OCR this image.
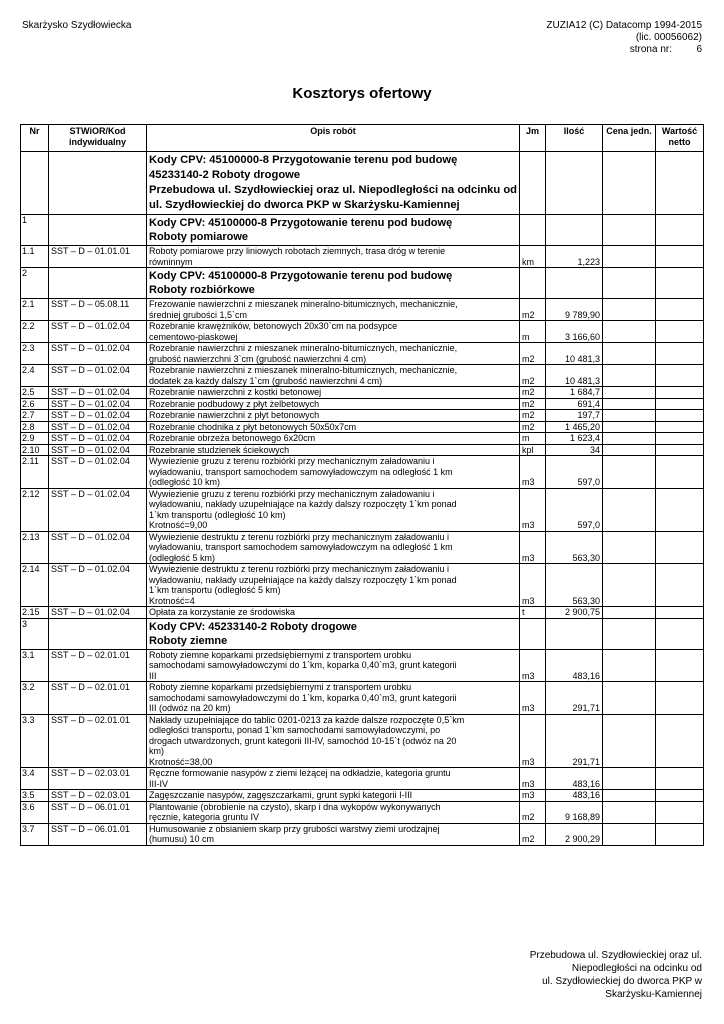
Skarżysko Szydłowiecka	ZUZIA12 (C) Datacomp 1994-2015
(lic. 00056062)
strona nr: 6
Kosztorys ofertowy
Nr	STWiOR/Kod indywidualny	Opis robót	Jm	Ilość	Cena jedn.	Wartość netto

		Kody CPV: 45100000-8 Przygotowanie terenu pod budowę
45233140-2 Roboty drogowe
Przebudowa ul. Szydłowieckiej oraz ul. Niepodległości na odcinku od
ul. Szydłowieckiej do dworca PKP w Skarżysku-Kamiennej				

1		Kody CPV: 45100000-8 Przygotowanie terenu pod budowę
Roboty pomiarowe				

1.1	SST – D – 01.01.01	Roboty pomiarowe przy liniowych robotach ziemnych, trasa dróg w terenie
równinnym	km	1,223		
2		Kody CPV: 45100000-8 Przygotowanie terenu pod budowę
Roboty rozbiórkowe				

2.1	SST – D – 05.08.11	Frezowanie nawierzchni z mieszanek mineralno-bitumicznych, mechanicznie,
średniej grubości 1,5`cm	m2	9 789,90		
2.2	SST – D – 01.02.04	Rozebranie krawężników, betonowych 20x30`cm na podsypce
cementowo-piaskowej	m	3 166,60		
2.3	SST – D – 01.02.04	Rozebranie nawierzchni z mieszanek mineralno-bitumicznych, mechanicznie,
grubość nawierzchni 3`cm (grubość nawierzchni 4 cm)	m2	10 481,3		
2.4	SST – D – 01.02.04	Rozebranie nawierzchni z mieszanek mineralno-bitumicznych, mechanicznie,
dodatek za każdy dalszy 1`cm (grubość nawierzchni 4 cm)	m2	10 481,3		
2.5	SST – D – 01.02.04	Rozebranie nawierzchni z kostki betonowej	m2	1 684,7		
2.6	SST – D – 01.02.04	Rozebranie podbudowy z płyt żelbetowych	m2	691,4		
2.7	SST – D – 01.02.04	Rozebranie nawierzchni z płyt betonowych	m2	197,7		
2.8	SST – D – 01.02.04	Rozebranie chodnika z płyt betonowych 50x50x7cm	m2	1 465,20		
2.9	SST – D – 01.02.04	Rozebranie obrzeża betonowego 6x20cm	m	1 623,4		
2.10	SST – D – 01.02.04	Rozebranie studzienek ściekowych	kpl	34		
2.11	SST – D – 01.02.04	Wywiezienie gruzu z terenu rozbiórki przy mechanicznym załadowaniu i
wyładowaniu, transport samochodem samowyładowczym na odległość 1 km
(odległość 10 km)	m3	597,0		
2.12	SST – D – 01.02.04	Wywiezienie gruzu z terenu rozbiórki przy mechanicznym załadowaniu i
wyładowaniu, nakłady uzupełniające na każdy dalszy rozpoczęty 1`km ponad
1`km transportu (odległość 10 km)
Krotność=9,00	m3	597,0		
2.13	SST – D – 01.02.04	Wywiezienie destruktu z terenu rozbiórki przy mechanicznym załadowaniu i
wyładowaniu, transport samochodem samowyładowczym na odległość 1 km
(odległość 5 km)	m3	563,30		
2.14	SST – D – 01.02.04	Wywiezienie destruktu z terenu rozbiórki przy mechanicznym załadowaniu i
wyładowaniu, nakłady uzupełniające na każdy dalszy rozpoczęty 1`km ponad
1`km transportu (odległość 5 km)
Krotność=4	m3	563,30		
2.15	SST – D – 01.02.04	Opłata za korzystanie ze środowiska	t	2 900,75		
3		Kody CPV: 45233140-2 Roboty drogowe
Roboty ziemne				

3.1	SST – D – 02.01.01	Roboty ziemne koparkami przedsiębiernymi z transportem urobku
samochodami samowyładowczymi do 1`km, koparka 0,40`m3, grunt kategorii
III	m3	483,16		
3.2	SST – D – 02.01.01	Roboty ziemne koparkami przedsiębiernymi z transportem urobku
samochodami samowyładowczymi do 1`km, koparka 0,40`m3, grunt kategorii
III (odwóz na 20 km)	m3	291,71		
3.3	SST – D – 02.01.01	Nakłady uzupełniające do tablic 0201-0213 za każde dalsze rozpoczęte 0,5`km
odległości transportu, ponad 1`km samochodami samowyładowczymi, po
drogach utwardzonych, grunt kategorii III-IV, samochód 10-15`t (odwóz na 20
km)
Krotność=38,00	m3	291,71		
3.4	SST – D – 02.03.01	Ręczne formowanie nasypów z ziemi leżącej na odkładzie, kategoria gruntu
III-IV	m3	483,16		
3.5	SST – D – 02.03.01	Zagęszczanie nasypów, zagęszczarkami, grunt sypki kategorii I-III	m3	483,16		
3.6	SST – D – 06.01.01	Plantowanie (obrobienie na czysto), skarp i dna wykopów wykonywanych
ręcznie, kategoria gruntu IV	m2	9 168,89		
3.7	SST – D – 06.01.01	Humusowanie z obsianiem skarp przy grubości warstwy ziemi urodzajnej
(humusu) 10 cm	m2	2 900,29		
Przebudowa ul. Szydłowieckiej oraz ul.
Niepodległości na odcinku od
ul. Szydłowieckiej do dworca PKP w
Skarżysku-Kamiennej
